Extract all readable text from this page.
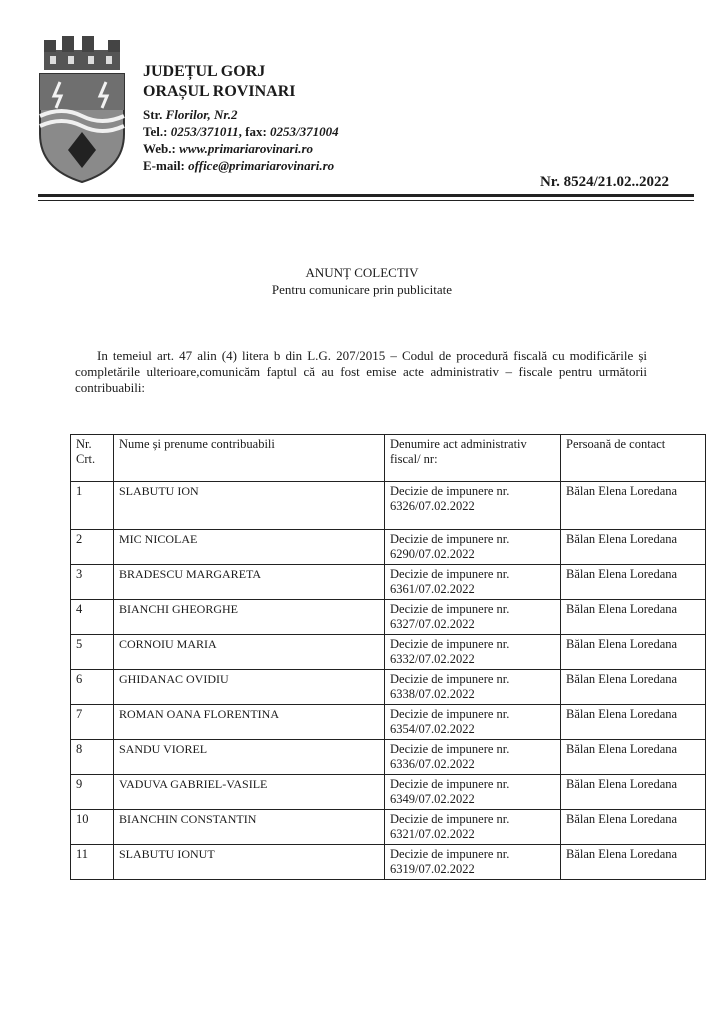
JUDEȚUL GORJ

ORAȘUL ROVINARI

Str. Florilor, Nr.2

Tel.: 0253/371011, fax: 0253/371004

Web.: www.primariarovinari.ro

E-mail: office@primariarovinari.ro

Nr. 8524/21.02..2022
ANUNȚ COLECTIV
Pentru comunicare prin publicitate
In temeiul art. 47 alin (4) litera b din L.G. 207/2015 – Codul de procedură fiscală cu modificările și completările ulterioare,comunicăm faptul că au fost emise acte administrativ – fiscale pentru următorii contribuabili:
Nr. Crt.	Nume și prenume contribuabili	Denumire act administrativ fiscal/ nr:	Persoană de contact
1	SLABUTU ION	Decizie de impunere nr. 6326/07.02.2022	Bălan Elena Loredana
2	MIC NICOLAE	Decizie de impunere nr. 6290/07.02.2022	Bălan Elena Loredana
3	BRADESCU MARGARETA	Decizie de impunere nr. 6361/07.02.2022	Bălan Elena Loredana
4	BIANCHI GHEORGHE	Decizie de impunere nr. 6327/07.02.2022	Bălan Elena Loredana
5	CORNOIU MARIA	Decizie de impunere nr. 6332/07.02.2022	Bălan Elena Loredana
6	GHIDANAC OVIDIU	Decizie de impunere nr. 6338/07.02.2022	Bălan Elena Loredana
7	ROMAN OANA FLORENTINA	Decizie de impunere nr. 6354/07.02.2022	Bălan Elena Loredana
8	SANDU VIOREL	Decizie de impunere nr. 6336/07.02.2022	Bălan Elena Loredana
9	VADUVA GABRIEL-VASILE	Decizie de impunere nr. 6349/07.02.2022	Bălan Elena Loredana
10	BIANCHIN CONSTANTIN	Decizie de impunere nr. 6321/07.02.2022	Bălan Elena Loredana
11	SLABUTU IONUT	Decizie de impunere nr. 6319/07.02.2022	Bălan Elena Loredana
